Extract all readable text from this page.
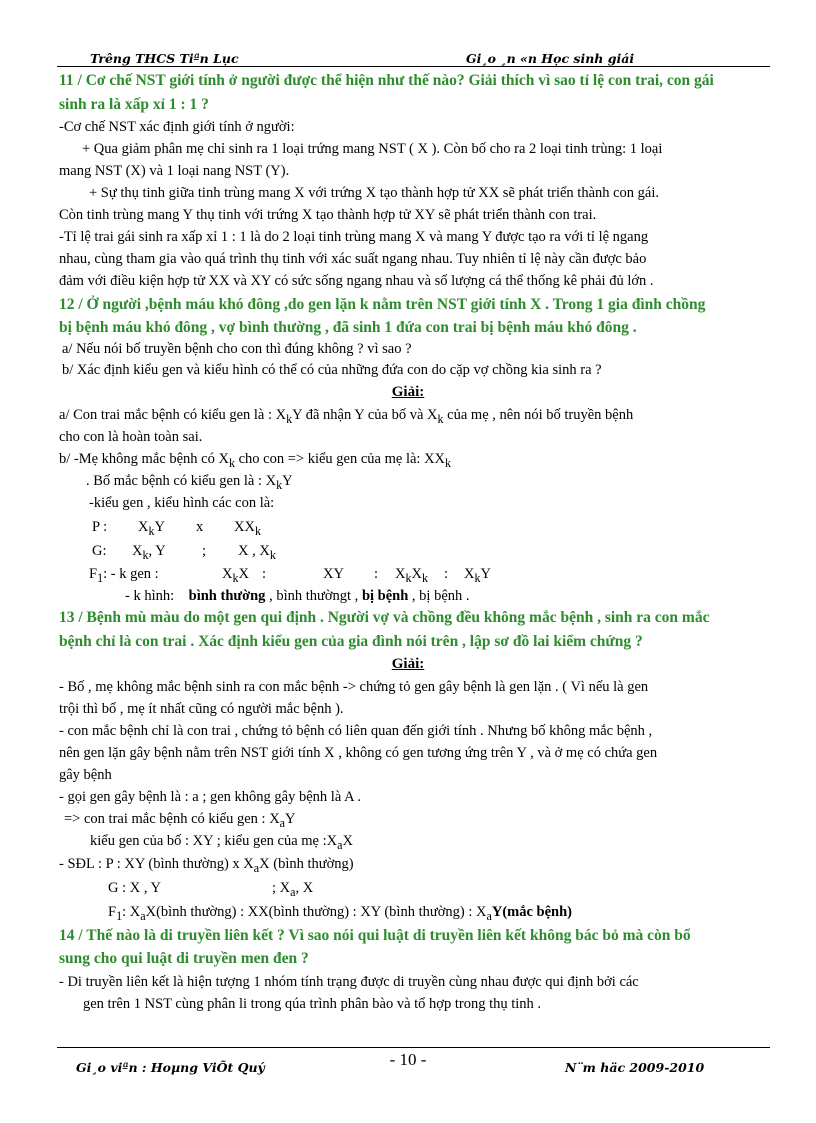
Trêng THCS Tiªn Lục	Gi¸o ¸n «n Học sinh giái
11 / Cơ chế NST giới tính ở người được thể hiện như thế nào? Giải thích vì sao tỉ lệ con trai, con gái
sinh ra là xấp xỉ 1 : 1 ?
-Cơ chế NST xác định giới tính ở người:
+ Qua giảm phân mẹ chỉ sinh ra 1 loại trứng mang NST ( X ). Còn bố cho ra 2 loại tinh trùng: 1 loại
mang NST (X) và 1 loại nang NST (Y).
+ Sự thụ tinh giữa tinh trùng mang X với trứng X tạo thành hợp tử XX sẽ phát triển thành con gái.
Còn tinh trùng mang Y thụ tinh với trứng X tạo thành hợp tử XY sẽ phát triển thành con trai.
-Tỉ lệ trai gái sinh ra xấp xỉ 1 : 1 là do 2 loại tinh trùng mang X và mang Y được tạo ra với tỉ lệ ngang
nhau, cùng tham gia vào quá trình thụ tinh với xác suất ngang nhau. Tuy nhiên tỉ lệ này cần được bảo
đảm với điều kiện hợp tử XX và XY có sức sống ngang nhau và số lượng cá thể thống kê phải đủ lớn .
12 / Ở người ,bệnh máu khó đông ,do gen lặn k nằm trên NST giới tính X . Trong 1 gia đình chồng
bị bệnh máu khó đông , vợ bình thường , đã sinh 1 đứa con trai bị bệnh máu khó đông .
a/ Nếu nói bố truyền bệnh cho con thì đúng không ? vì sao ?
b/ Xác định kiểu gen và kiểu hình có thể có của những đứa con do cặp vợ chồng kia sinh ra ?
Giải:
a/ Con trai mắc bệnh có kiểu gen là : $X_kY$ đã nhận Y của bố và $X_k$ của mẹ , nên nói bố truyền bệnh
cho con là hoàn toàn sai.
b/ -Mẹ không mắc bệnh có $X_k$ cho con => kiểu gen của mẹ là: $XX_k$
. Bố mắc bệnh có kiểu gen là : $X_kY$
-kiểu gen , kiểu hình các con là:
P : $X_kY$ x $XX_k$
G: $X_k$, Y	; X , $X_k$
$F_1$: - k gen :	$X_kX$ :	XY : $X_kX_k$ : $X_kY$
- k hình: bình thường , bình thườngt , bị bệnh , bị bệnh .
13 / Bệnh mù màu do một gen qui định . Người vợ và chồng đều không mắc bệnh , sinh ra con mắc
bệnh chỉ là con trai . Xác định kiểu gen của gia đình nói trên , lập sơ đồ lai kiểm chứng ?
Giải:
- Bố , mẹ không mắc bệnh sinh ra con mắc bệnh -> chứng tỏ gen gây bệnh là gen lặn . ( Vì nếu là gen
trội thì bố , mẹ ít nhất cũng có người mắc bệnh ).
- con mắc bệnh chỉ là con trai , chứng tỏ bệnh có liên quan đến giới tính . Nhưng bố không mắc bệnh ,
nên gen lặn gây bệnh nằm trên NST giới tính X , không có gen tương ứng trên Y , và ở mẹ có chứa gen
gây bệnh
- gọi gen gây bệnh là : a ; gen không gây bệnh là A .
=> con trai mắc bệnh có kiểu gen : $X_aY$
kiểu gen của bố : XY ; kiểu gen của mẹ $:X_aX$
- SĐL : P : XY (bình thường) x $X_aX$ (bình thường)
G : X , Y	; $X_a$, X
$F_1$: $X_aX(bình$ thường) : XX(bình thường) : XY (bình thường) : $X_aY(mắc$ bệnh)
14 / Thế nào là di truyền liên kết ? Vì sao nói qui luật di truyền liên kết không bác bỏ mà còn bổ
sung cho qui luật di truyền men đen ?
- Di truyền liên kết là hiện tượng 1 nhóm tính trạng được di truyền cùng nhau được qui định bởi các
gen trên 1 NST cùng phân li trong qúa trình phân bào và tổ hợp trong thụ tinh .
Gi¸o viªn : Hoµng ViÕt Quý	- 10 -	N¨m häc 2009-2010
